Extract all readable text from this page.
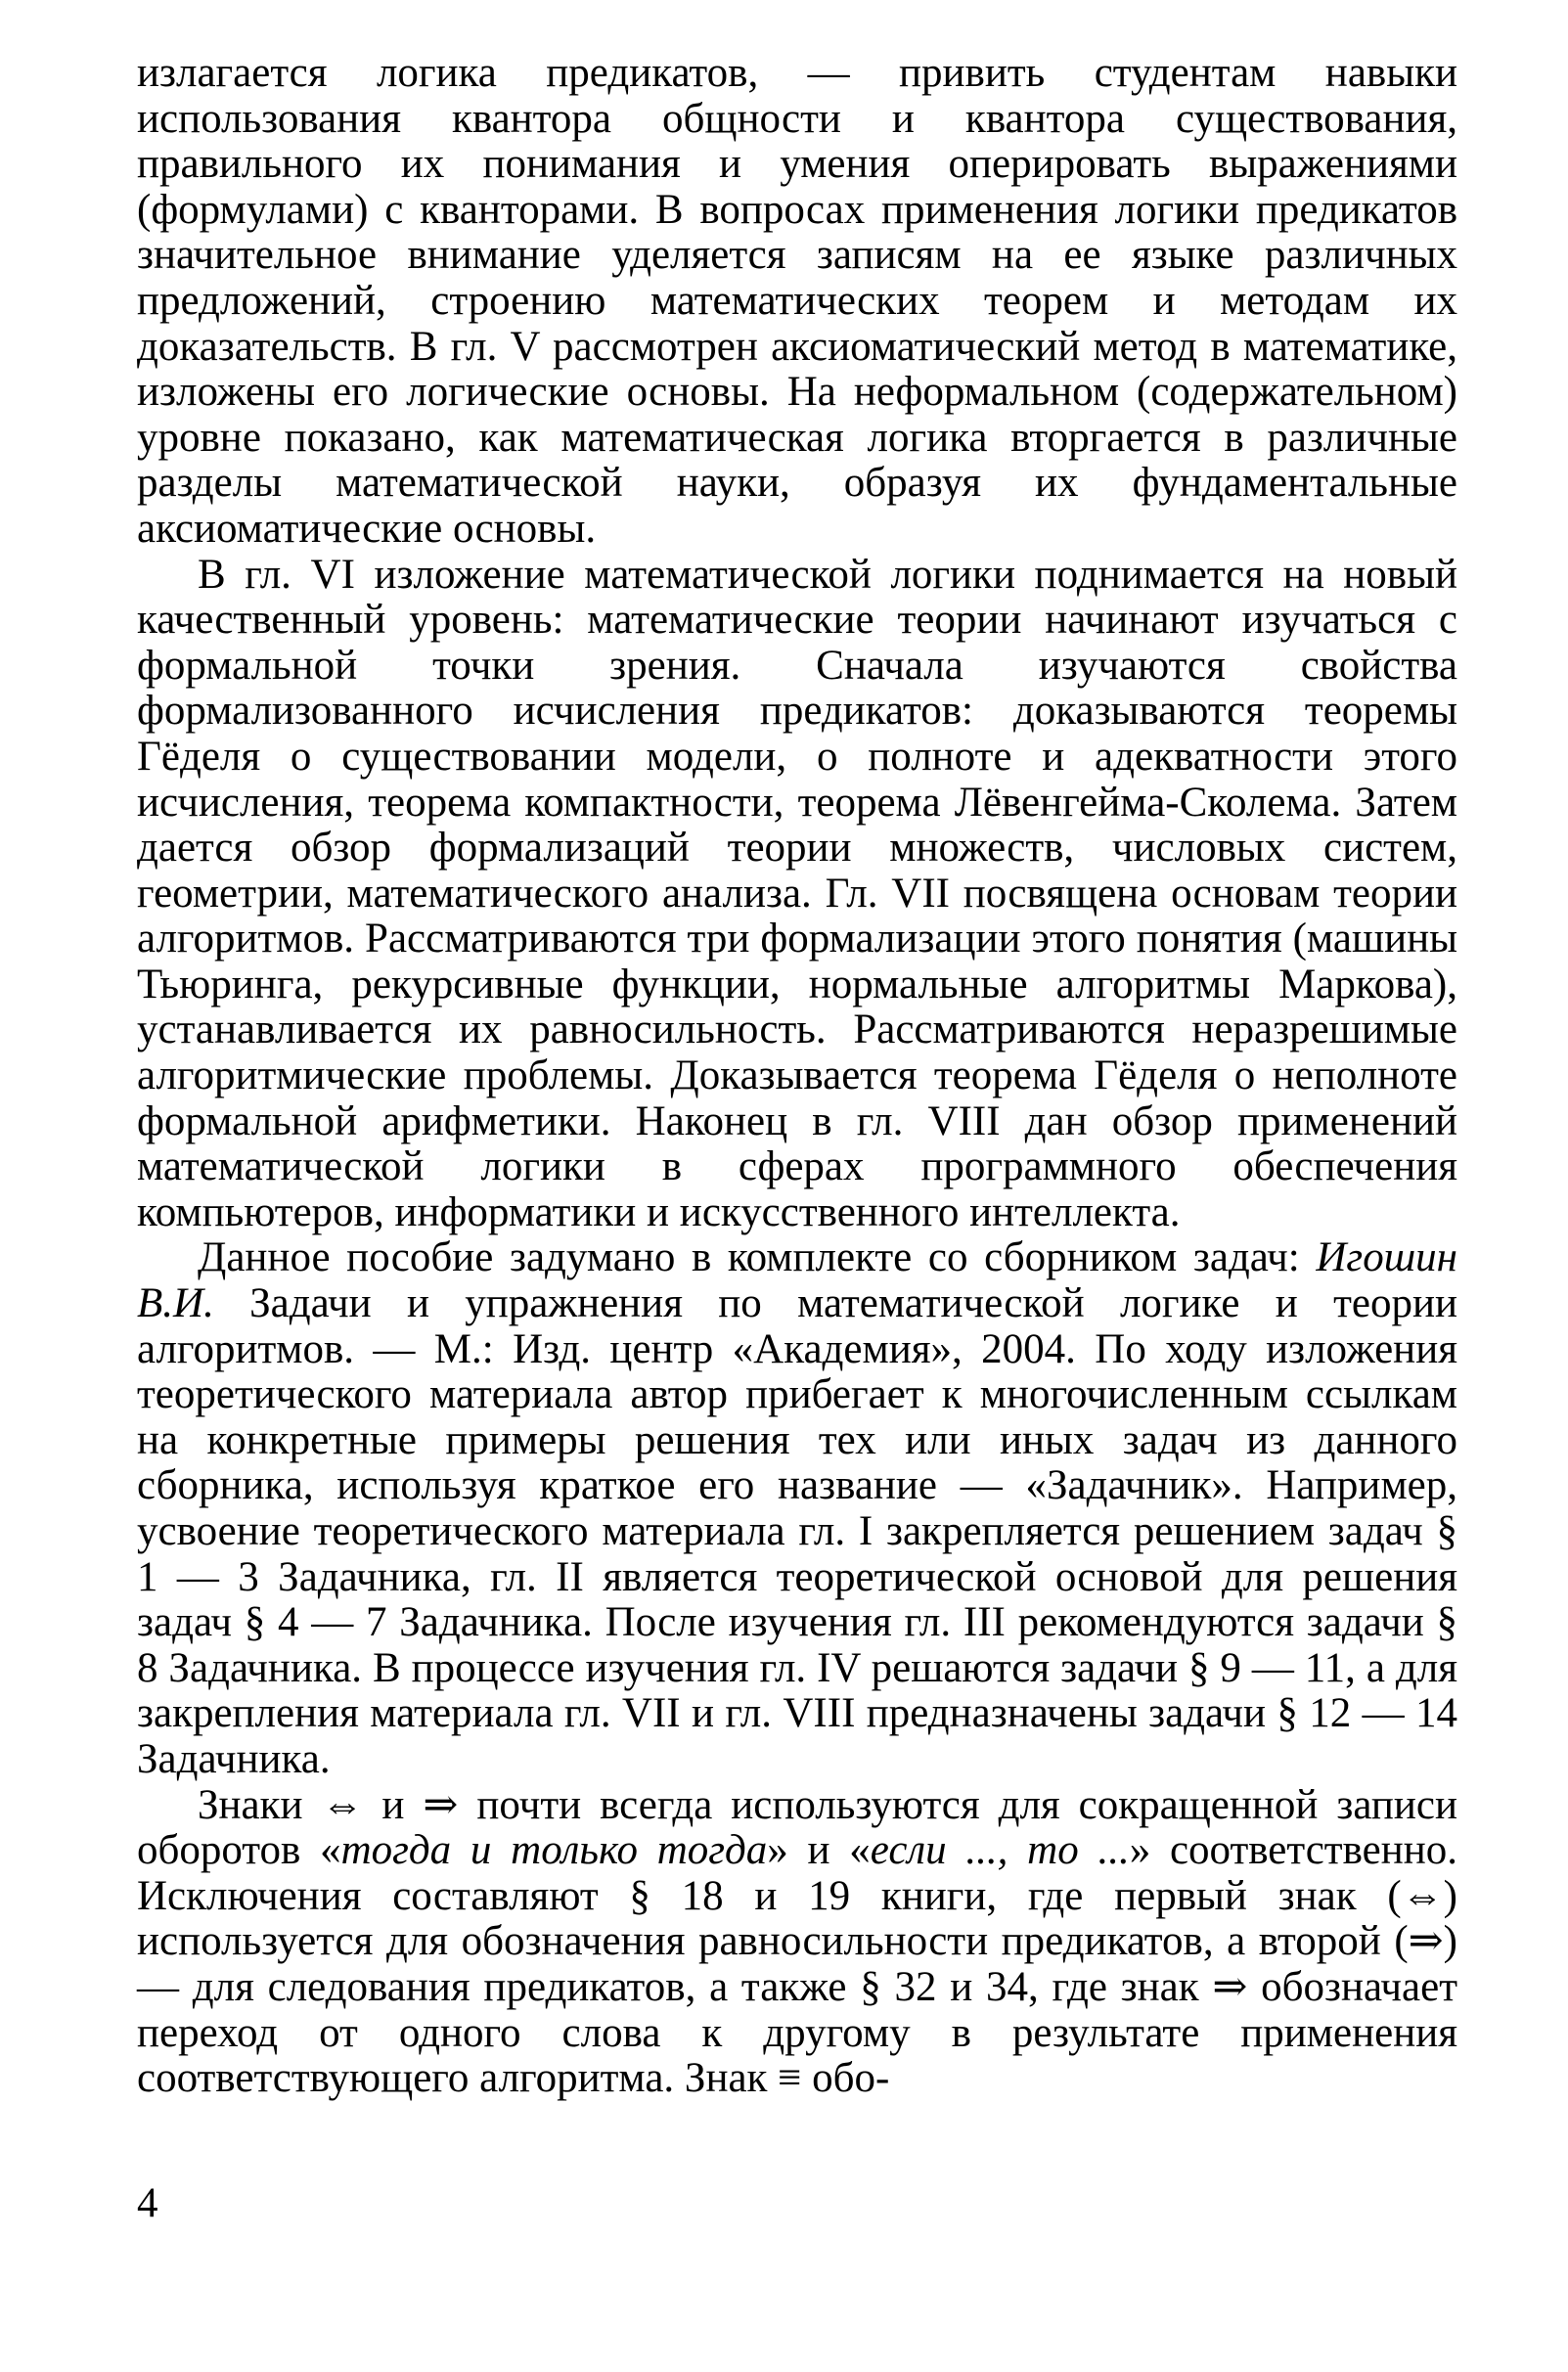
излагается логика предикатов, — привить студентам навыки использования квантора общности и квантора существования, правильного их понимания и умения оперировать выражениями (формулами) с кванторами. В вопросах применения логики предикатов значительное внимание уделяется записям на ее языке различных предложений, строению математических теорем и методам их доказательств. В гл. V рассмотрен аксиоматический метод в математике, изложены его логические основы. На неформальном (содержательном) уровне показано, как математическая логика вторгается в различные разделы математической науки, образуя их фундаментальные аксиоматические основы.

В гл. VI изложение математической логики поднимается на новый качественный уровень: математические теории начинают изучаться с формальной точки зрения. Сначала изучаются свойства формализованного исчисления предикатов: доказываются теоремы Гёделя о существовании модели, о полноте и адекватности этого исчисления, теорема компактности, теорема Лёвенгейма-Сколема. Затем дается обзор формализаций теории множеств, числовых систем, геометрии, математического анализа. Гл. VII посвящена основам теории алгоритмов. Рассматриваются три формализации этого понятия (машины Тьюринга, рекурсивные функции, нормальные алгоритмы Маркова), устанавливается их равносильность. Рассматриваются неразрешимые алгоритмические проблемы. Доказывается теорема Гёделя о неполноте формальной арифметики. Наконец в гл. VIII дан обзор применений математической логики в сферах программного обеспечения компьютеров, информатики и искусственного интеллекта.

Данное пособие задумано в комплекте со сборником задач: Игошин В.И. Задачи и упражнения по математической логике и теории алгоритмов. — М.: Изд. центр «Академия», 2004. По ходу изложения теоретического материала автор прибегает к многочисленным ссылкам на конкретные примеры решения тех или иных задач из данного сборника, используя краткое его название — «Задачник». Например, усвоение теоретического материала гл. I закрепляется решением задач § 1 — 3 Задачника, гл. II является теоретической основой для решения задач § 4 — 7 Задачника. После изучения гл. III рекомендуются задачи § 8 Задачника. В процессе изучения гл. IV решаются задачи § 9 — 11, а для закрепления материала гл. VII и гл. VIII предназначены задачи § 12 — 14 Задачника.

Знаки ⇔ и ⇒ почти всегда используются для сокращенной записи оборотов «тогда и только тогда» и «если ..., то ...» соответственно. Исключения составляют § 18 и 19 книги, где первый знак (⇔) используется для обозначения равносильности предикатов, а второй (⇒) — для следования предикатов, а также § 32 и 34, где знак ⇒ обозначает переход от одного слова к другому в результате применения соответствующего алгоритма. Знак ≡ обо-

4
